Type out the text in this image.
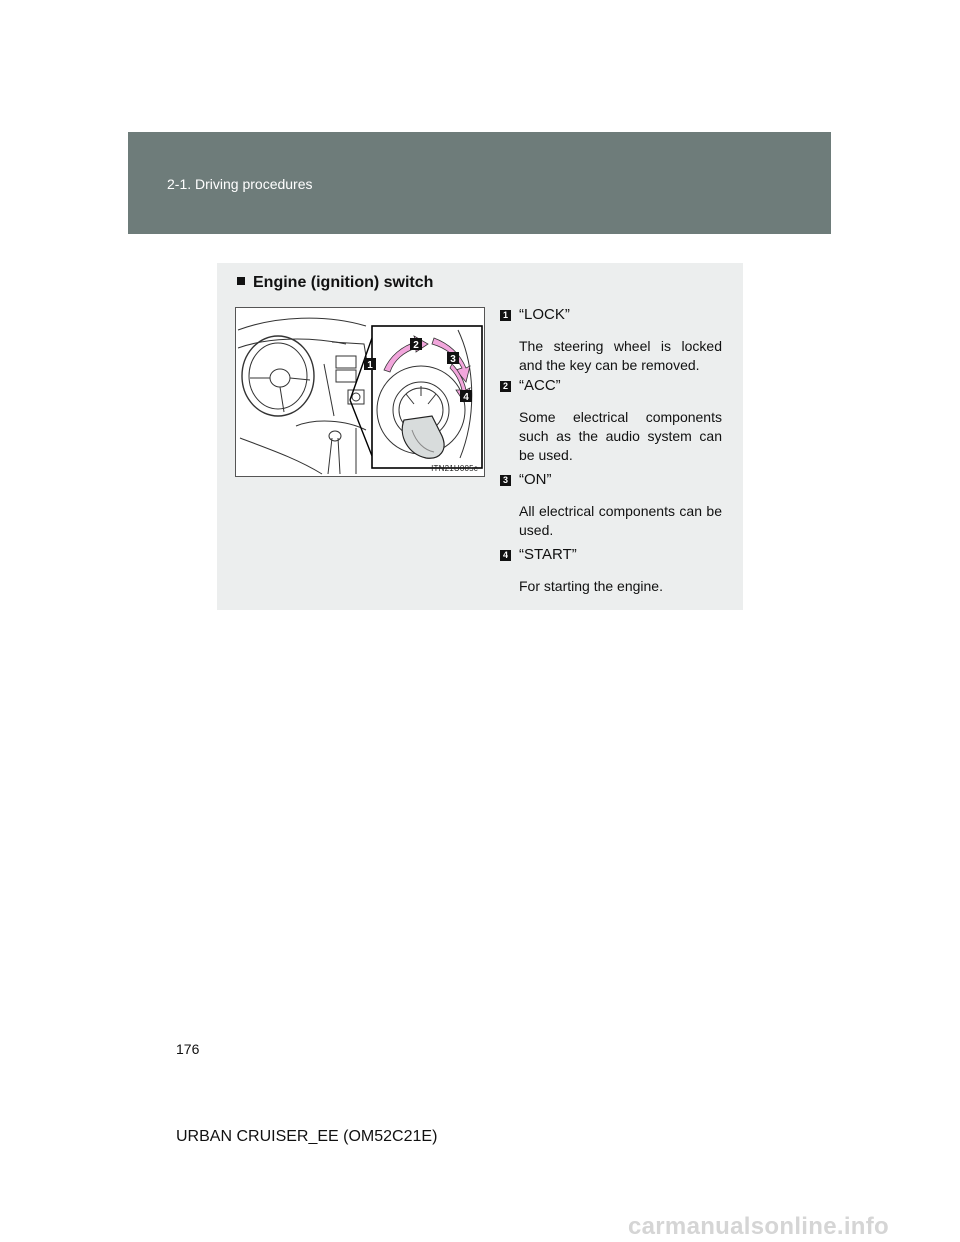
2-1. Driving procedures
Engine (ignition) switch
1
2
3
4
ITN21U005c
1 “LOCK”
The steering wheel is locked and the key can be removed.
2 “ACC”
Some electrical components such as the audio system can be used.
3 “ON”
All electrical components can be used.
4 “START”
For starting the engine.
176
URBAN CRUISER_EE (OM52C21E)
carmanualsonline.info
